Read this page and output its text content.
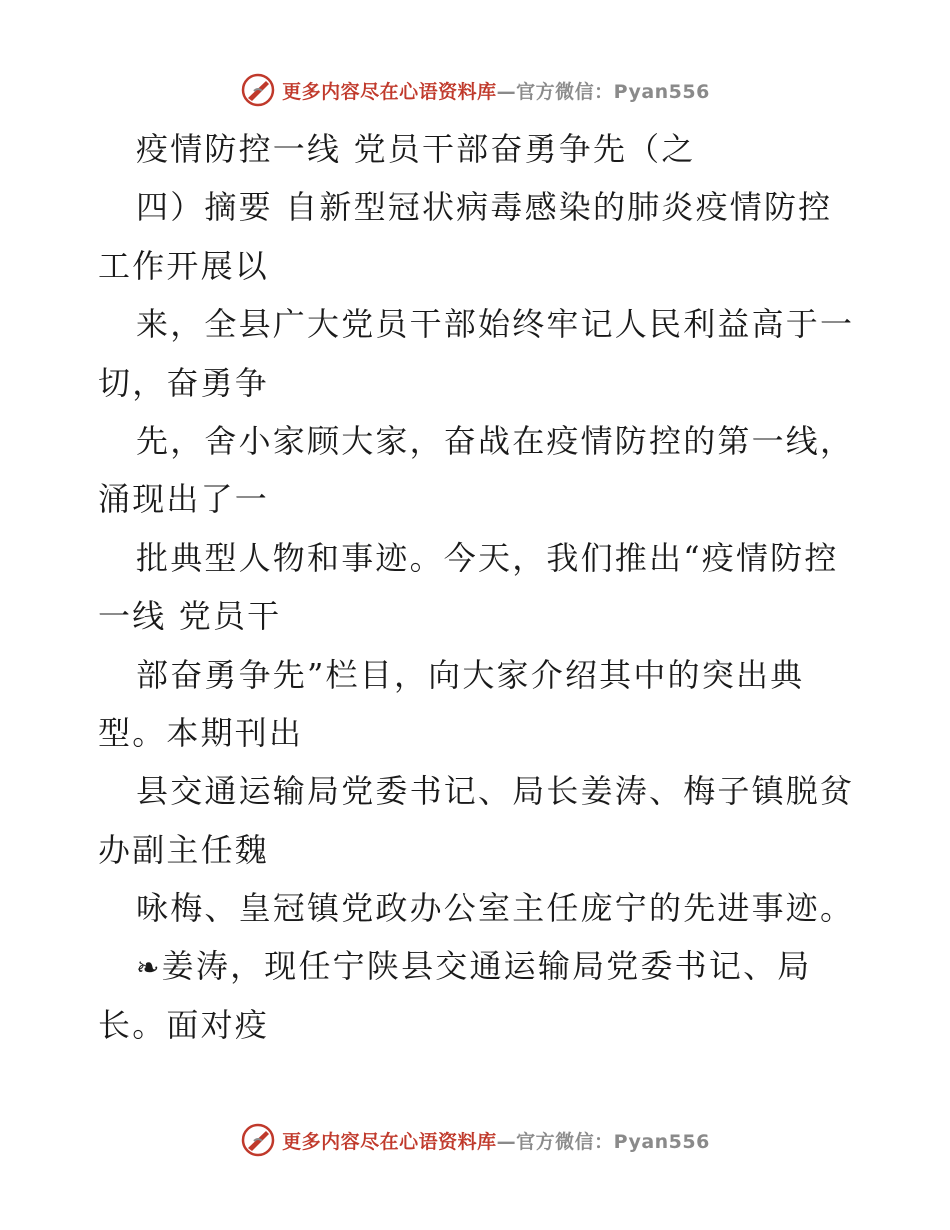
更多内容尽在心语资料库—官方微信：Pyan556
疫情防控一线 党员干部奋勇争先（之
四）摘要 自新型冠状病毒感染的肺炎疫情防控
工作开展以
来，全县广大党员干部始终牢记人民利益高于一
切，奋勇争
先，舍小家顾大家，奋战在疫情防控的第一线，
涌现出了一
批典型人物和事迹。今天，我们推出“疫情防控
一线 党员干
部奋勇争先”栏目，向大家介绍其中的突出典
型。本期刊出
县交通运输局党委书记、局长姜涛、梅子镇脱贫
办副主任魏
咏梅、皇冠镇党政办公室主任庞宁的先进事迹。
❧姜涛，现任宁陕县交通运输局党委书记、局
长。面对疫
更多内容尽在心语资料库—官方微信：Pyan556
